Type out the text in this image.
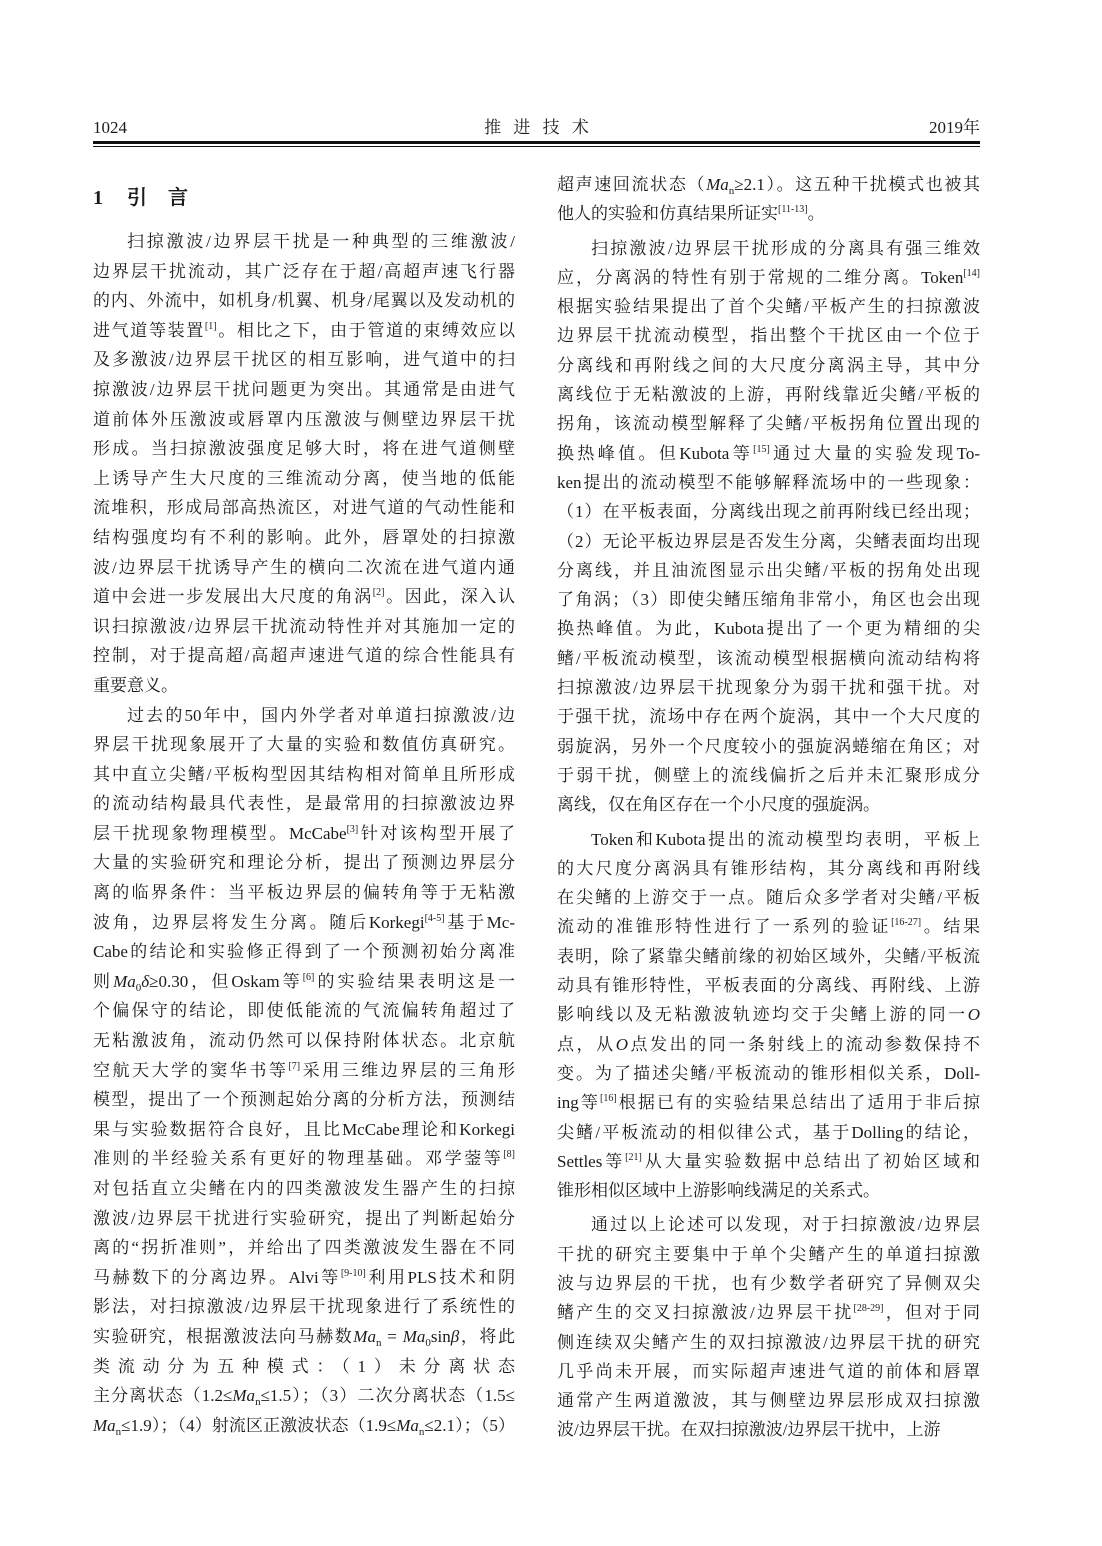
1024	推 进 技 术	2019年
1 引 言
扫掠激波/边界层干扰是一种典型的三维激波/
边界层干扰流动，其广泛存在于超/高超声速飞行器
的内、外流中，如机身/机翼、机身/尾翼以及发动机的
进气道等装置[1]。相比之下，由于管道的束缚效应以
及多激波/边界层干扰区的相互影响，进气道中的扫
掠激波/边界层干扰问题更为突出。其通常是由进气
道前体外压激波或唇罩内压激波与侧壁边界层干扰
形成。当扫掠激波强度足够大时，将在进气道侧壁
上诱导产生大尺度的三维流动分离，使当地的低能
流堆积，形成局部高热流区，对进气道的气动性能和
结构强度均有不利的影响。此外，唇罩处的扫掠激
波/边界层干扰诱导产生的横向二次流在进气道内通
道中会进一步发展出大尺度的角涡[2]。因此，深入认
识扫掠激波/边界层干扰流动特性并对其施加一定的
控制，对于提高超/高超声速进气道的综合性能具有
重要意义。
过去的50年中，国内外学者对单道扫掠激波/边
界层干扰现象展开了大量的实验和数值仿真研究。
其中直立尖鳍/平板构型因其结构相对简单且所形成
的流动结构最具代表性，是最常用的扫掠激波边界
层干扰现象物理模型。McCabe[3]针对该构型开展了
大量的实验研究和理论分析，提出了预测边界层分
离的临界条件：当平板边界层的偏转角等于无粘激
波角，边界层将发生分离。随后Korkegi[4-5]基于Mc-
Cabe的结论和实验修正得到了一个预测初始分离准
则$Ma_0\delta\ge 0.30$，但Oskam等[6]的实验结果表明这是一
个偏保守的结论，即使低能流的气流偏转角超过了
无粘激波角，流动仍然可以保持附体状态。北京航
空航天大学的窦华书等[7]采用三维边界层的三角形
模型，提出了一个预测起始分离的分析方法，预测结
果与实验数据符合良好，且比McCabe理论和Korkegi
准则的半经验关系有更好的物理基础。邓学蓥等[8]
对包括直立尖鳍在内的四类激波发生器产生的扫掠
激波/边界层干扰进行实验研究，提出了判断起始分
离的“拐折准则”，并给出了四类激波发生器在不同
马赫数下的分离边界。Alvi等[9-10]利用PLS技术和阴
影法，对扫掠激波/边界层干扰现象进行了系统性的
实验研究，根据激波法向马赫数$Ma_n = Ma_0\sin\beta$，将此
类流动分为五种模式：（1）未分离状态
主分离状态$(1.2\le Ma_n\le 1.5)$；（3）二次分离状态（1.5≤
$Ma_n\le 1.9$）；（4）射流区正激波状态$(1.9\le Ma_n\le 2.1)$；（5）
超声速回流状态$(Ma_n\ge 2.1)$。这五种干扰模式也被其
他人的实验和仿真结果所证实[11-13]。
扫掠激波/边界层干扰形成的分离具有强三维效
应，分离涡的特性有别于常规的二维分离。Token[14]
根据实验结果提出了首个尖鳍/平板产生的扫掠激波
边界层干扰流动模型，指出整个干扰区由一个位于
分离线和再附线之间的大尺度分离涡主导，其中分
离线位于无粘激波的上游，再附线靠近尖鳍/平板的
拐角，该流动模型解释了尖鳍/平板拐角位置出现的
换热峰值。但Kubota等[15]通过大量的实验发现To-
ken提出的流动模型不能够解释流场中的一些现象：
（1）在平板表面，分离线出现之前再附线已经出现；
（2）无论平板边界层是否发生分离，尖鳍表面均出现
分离线，并且油流图显示出尖鳍/平板的拐角处出现
了角涡；（3）即使尖鳍压缩角非常小，角区也会出现
换热峰值。为此，Kubota提出了一个更为精细的尖
鳍/平板流动模型，该流动模型根据横向流动结构将
扫掠激波/边界层干扰现象分为弱干扰和强干扰。对
于强干扰，流场中存在两个旋涡，其中一个大尺度的
弱旋涡，另外一个尺度较小的强旋涡蜷缩在角区；对
于弱干扰，侧壁上的流线偏折之后并未汇聚形成分
离线，仅在角区存在一个小尺度的强旋涡。
Token和Kubota提出的流动模型均表明，平板上
的大尺度分离涡具有锥形结构，其分离线和再附线
在尖鳍的上游交于一点。随后众多学者对尖鳍/平板
流动的准锥形特性进行了一系列的验证[16-27]。结果
表明，除了紧靠尖鳍前缘的初始区域外，尖鳍/平板流
动具有锥形特性，平板表面的分离线、再附线、上游
影响线以及无粘激波轨迹均交于尖鳍上游的同一O
点，从O点发出的同一条射线上的流动参数保持不
变。为了描述尖鳍/平板流动的锥形相似关系，Doll-
ing等[16]根据已有的实验结果总结出了适用于非后掠
尖鳍/平板流动的相似律公式，基于Dolling的结论，
Settles等[21]从大量实验数据中总结出了初始区域和
锥形相似区域中上游影响线满足的关系式。
通过以上论述可以发现，对于扫掠激波/边界层
干扰的研究主要集中于单个尖鳍产生的单道扫掠激
波与边界层的干扰，也有少数学者研究了异侧双尖
鳍产生的交叉扫掠激波/边界层干扰[28-29]，但对于同
侧连续双尖鳍产生的双扫掠激波/边界层干扰的研究
几乎尚未开展，而实际超声速进气道的前体和唇罩
通常产生两道激波，其与侧壁边界层形成双扫掠激
波/边界层干扰。在双扫掠激波/边界层干扰中，上游
